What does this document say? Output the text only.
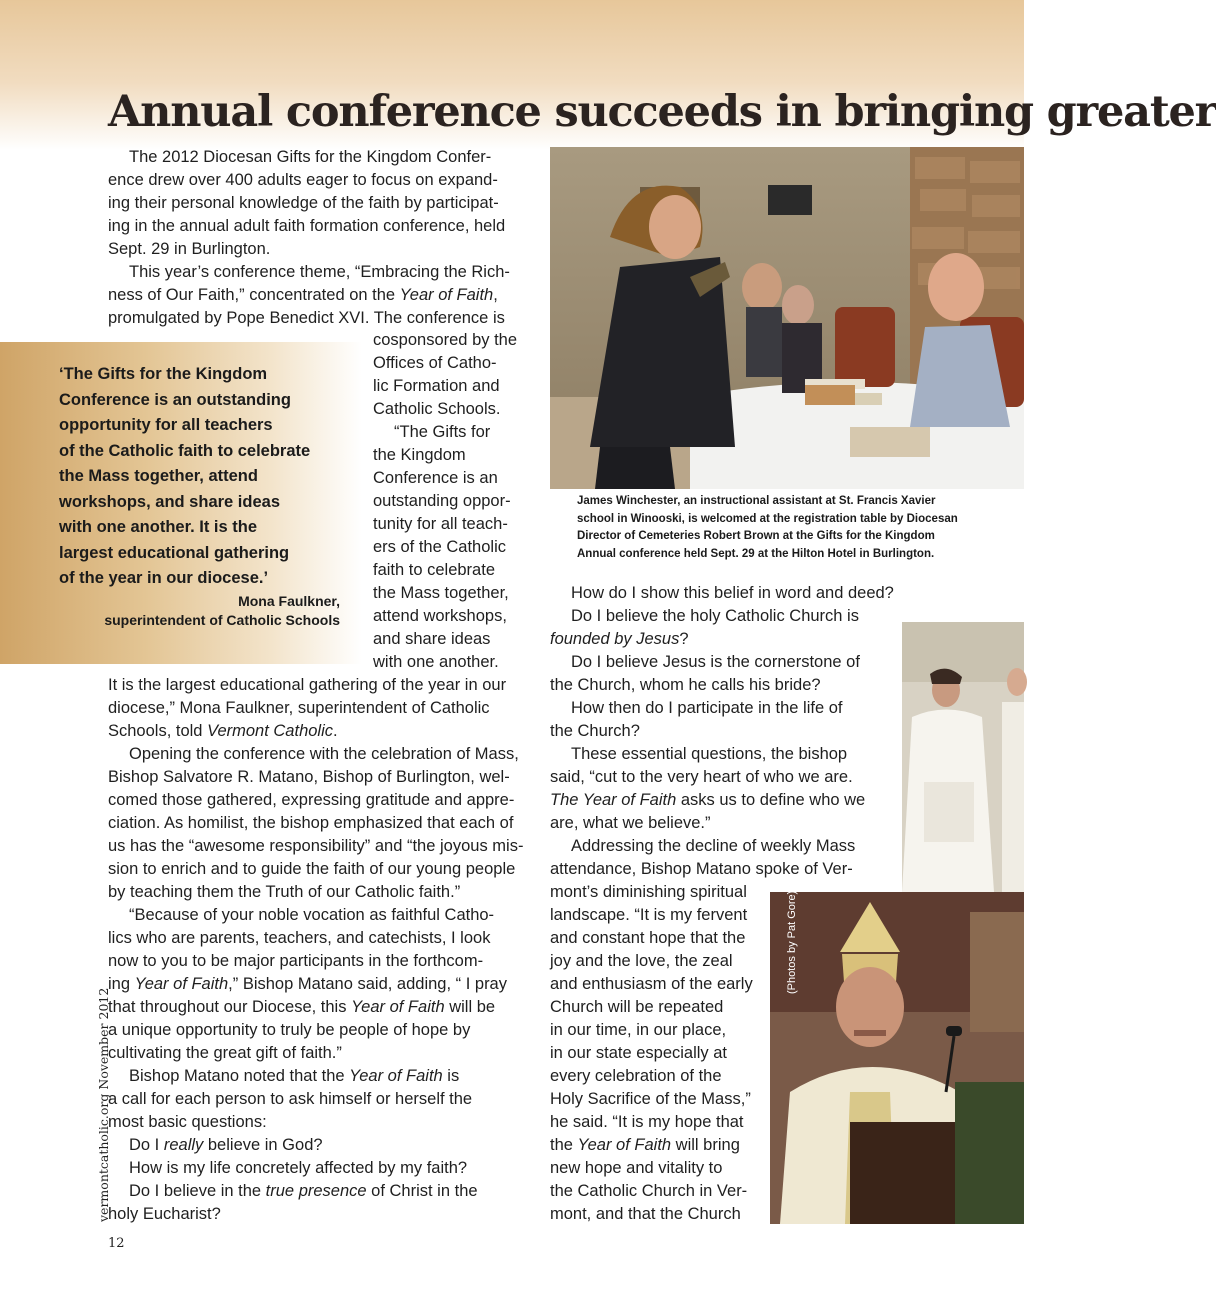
Annual conference succeeds in bringing greater
(Photos by Pat Gore)
The 2012 Diocesan Gifts for the Kingdom Confer-
ence drew over 400 adults eager to focus on expand-
ing their personal knowledge of the faith by participat-
ing in the annual adult faith formation conference, held
Sept. 29 in Burlington.
This year’s conference theme, “Embracing the Rich-
ness of Our Faith,” concentrated on the Year of Faith,
promulgated by Pope Benedict XVI. The conference is
cosponsored by the
Offices of Catho-
lic Formation and
Catholic Schools.
“The Gifts for
the Kingdom
Conference is an
outstanding oppor-
tunity for all teach-
ers of the Catholic
faith to celebrate
the Mass together,
attend workshops,
and share ideas
with one another.
It is the largest educational gathering of the year in our
diocese,” Mona Faulkner, superintendent of Catholic
Schools, told Vermont Catholic.
Opening the conference with the celebration of Mass,
Bishop Salvatore R. Matano, Bishop of Burlington, wel-
comed those gathered, expressing gratitude and appre-
ciation. As homilist, the bishop emphasized that each of
us has the “awesome responsibility” and “the joyous mis-
sion to enrich and to guide the faith of our young people
by teaching them the Truth of our Catholic faith.”
“Because of your noble vocation as faithful Catho-
lics who are parents, teachers, and catechists, I look
now to you to be major participants in the forthcom-
ing Year of Faith,” Bishop Matano said, adding, “ I pray
that throughout our Diocese, this Year of Faith will be
a unique opportunity to truly be people of hope by
cultivating the great gift of faith.”
Bishop Matano noted that the Year of Faith is
a call for each person to ask himself or herself the
most basic questions:
Do I really believe in God?
How is my life concretely affected by my faith?
Do I believe in the true presence of Christ in the
holy Eucharist?
How do I show this belief in word and deed?
Do I believe the holy Catholic Church is
founded by Jesus?
Do I believe Jesus is the cornerstone of
the Church, whom he calls his bride?
How then do I participate in the life of
the Church?
These essential questions, the bishop
said, “cut to the very heart of who we are.
The Year of Faith asks us to define who we
are, what we believe.”
Addressing the decline of weekly Mass
attendance, Bishop Matano spoke of Ver-
mont’s diminishing spiritual
landscape. “It is my fervent
and constant hope that the
joy and the love, the zeal
and enthusiasm of the early
Church will be repeated
in our time, in our place,
in our state especially at
every celebration of the
Holy Sacrifice of the Mass,”
he said. “It is my hope that
the Year of Faith will bring
new hope and vitality to
the Catholic Church in Ver-
mont, and that the Church
‘The Gifts for the Kingdom
Conference is an outstanding
opportunity for all teachers
of the Catholic faith to celebrate
the Mass together, attend
workshops, and share ideas
with one another. It is the
largest educational gathering
of the year in our diocese.’
Mona Faulkner,
superintendent of Catholic Schools
James Winchester, an instructional assistant at St. Francis Xavier
school in Winooski, is welcomed at the registration table by Diocesan
Director of Cemeteries Robert Brown at the Gifts for the Kingdom
Annual conference held Sept. 29 at the Hilton Hotel in Burlington.
vermontcatholic.org November 2012
12
